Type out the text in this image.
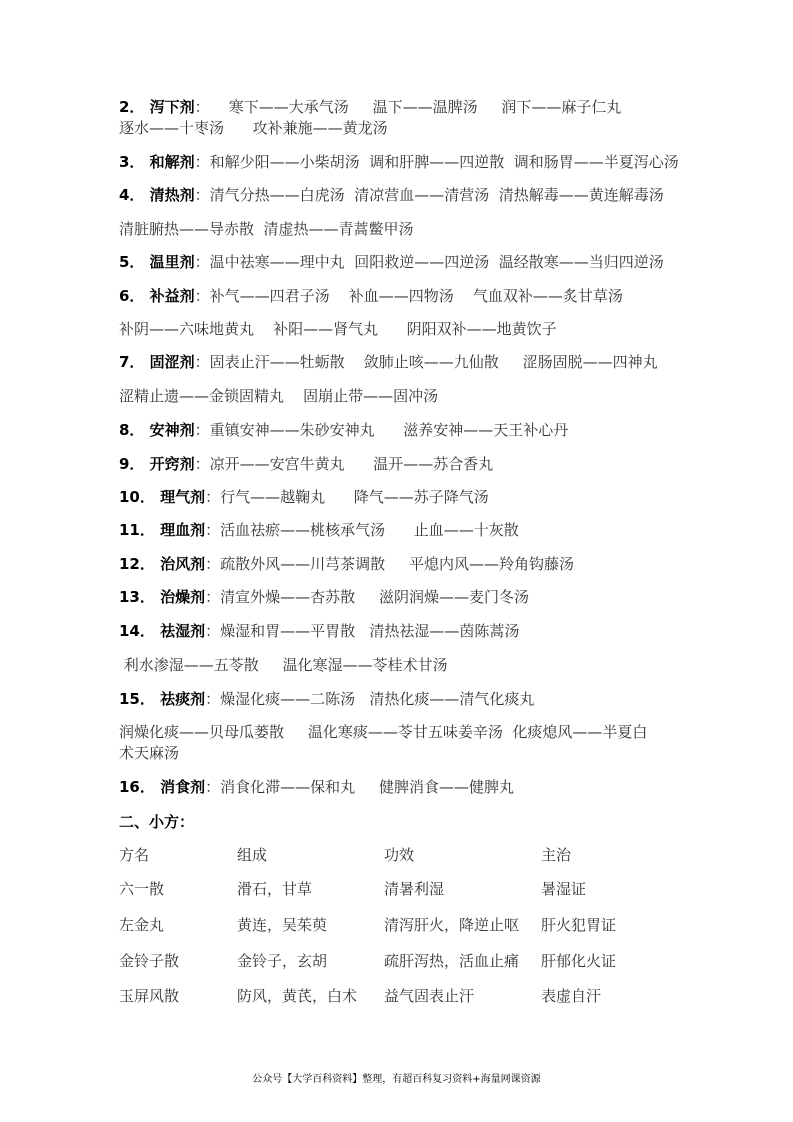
2． 泻下剂：    寒下——大承气汤     温下——温脾汤     润下——麻子仁丸
逐水——十枣汤      攻补兼施——黄龙汤
3． 和解剂：和解少阳——小柴胡汤  调和肝脾——四逆散  调和肠胃——半夏泻心汤
4． 清热剂：清气分热——白虎汤  清凉营血——清营汤  清热解毒——黄连解毒汤
清脏腑热——导赤散  清虚热——青蒿鳖甲汤
5． 温里剂：温中祛寒——理中丸  回阳救逆——四逆汤  温经散寒——当归四逆汤
6． 补益剂：补气——四君子汤    补血——四物汤    气血双补——炙甘草汤
补阴——六味地黄丸    补阳——肾气丸      阴阳双补——地黄饮子
7． 固涩剂：固表止汗——牡蛎散    敛肺止咳——九仙散     涩肠固脱——四神丸
涩精止遗——金锁固精丸    固崩止带——固冲汤
8． 安神剂：重镇安神——朱砂安神丸      滋养安神——天王补心丹
9． 开窍剂：凉开——安宫牛黄丸      温开——苏合香丸
10． 理气剂：行气——越鞠丸      降气——苏子降气汤
11． 理血剂：活血祛瘀——桃核承气汤      止血——十灰散
12． 治风剂：疏散外风——川芎茶调散     平熄内风——羚角钩藤汤
13． 治燥剂：清宣外燥——杏苏散     滋阴润燥——麦门冬汤
14． 祛湿剂：燥湿和胃——平胃散   清热祛湿——茵陈蒿汤
利水渗湿——五苓散     温化寒湿——苓桂术甘汤
15． 祛痰剂：燥湿化痰——二陈汤   清热化痰——清气化痰丸
润燥化痰——贝母瓜蒌散     温化寒痰——苓甘五味姜辛汤  化痰熄风——半夏白
术天麻汤
16． 消食剂：消食化滞——保和丸     健脾消食——健脾丸
二、小方：
方名	组成	功效	主治
六一散	滑石，甘草	清暑利湿	暑湿证
左金丸	黄连，吴茱萸	清泻肝火，降逆止呕 肝火犯胃证
金铃子散	金铃子，玄胡	疏肝泻热，活血止痛 肝郁化火证
玉屏风散	防风，黄芪，白术 益气固表止汗	表虚自汗
公众号【大学百科资料】整理，有超百科复习资料+海量网课资源
